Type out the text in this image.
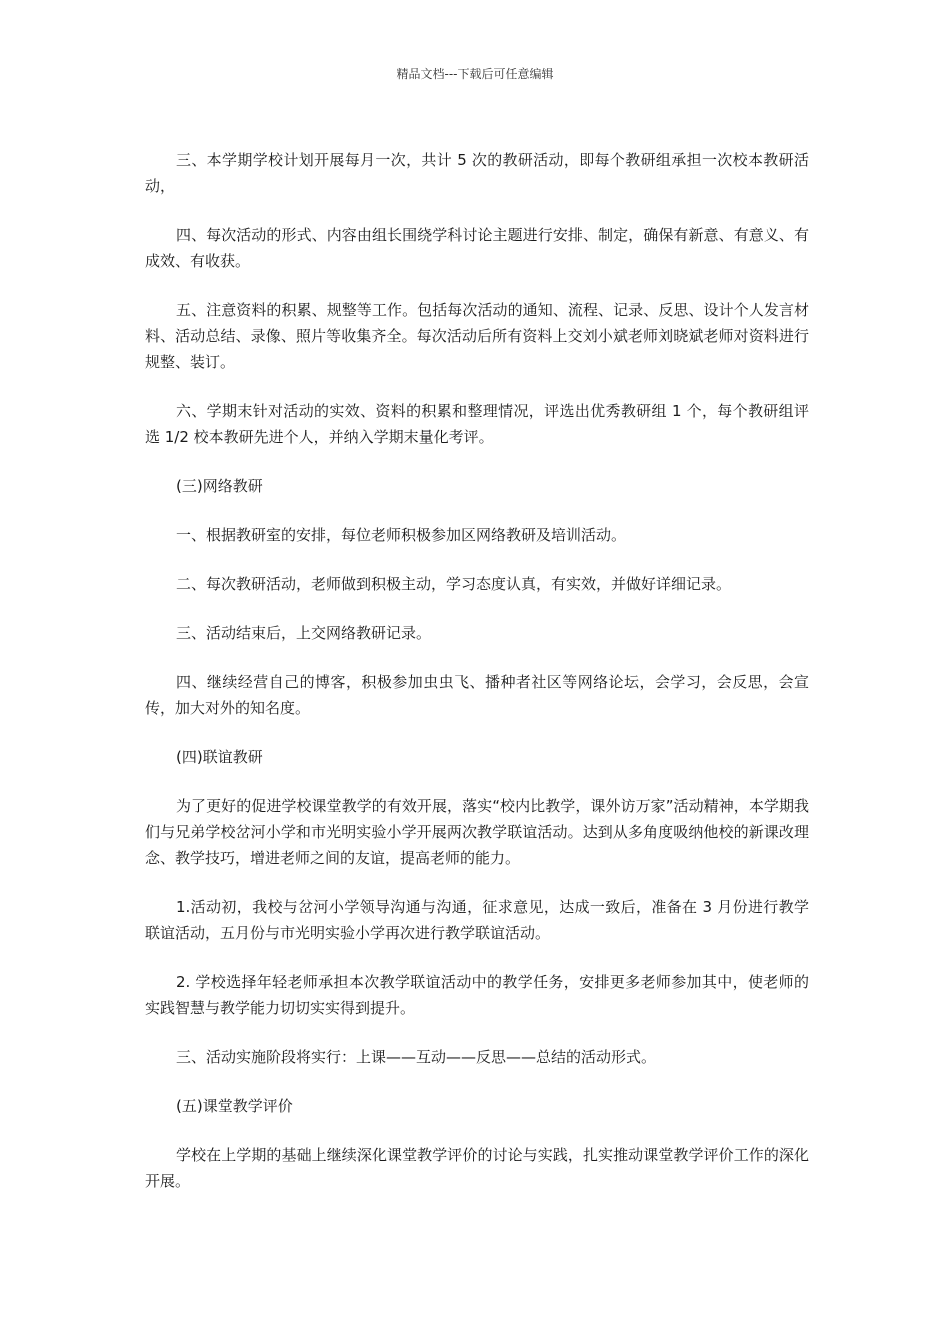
精品文档---下载后可任意编辑

三、本学期学校计划开展每月一次，共计 5 次的教研活动，即每个教研组承担一次校本教研活动，

四、每次活动的形式、内容由组长围绕学科讨论主题进行安排、制定，确保有新意、有意义、有成效、有收获。

五、注意资料的积累、规整等工作。包括每次活动的通知、流程、记录、反思、设计个人发言材料、活动总结、录像、照片等收集齐全。每次活动后所有资料上交刘小斌老师刘晓斌老师对资料进行规整、装订。

六、学期末针对活动的实效、资料的积累和整理情况，评选出优秀教研组 1 个，每个教研组评选 1/2 校本教研先进个人，并纳入学期末量化考评。

(三)网络教研

一、根据教研室的安排，每位老师积极参加区网络教研及培训活动。

二、每次教研活动，老师做到积极主动，学习态度认真，有实效，并做好详细记录。

三、活动结束后，上交网络教研记录。

四、继续经营自己的博客，积极参加虫虫飞、播种者社区等网络论坛，会学习，会反思，会宣传，加大对外的知名度。

(四)联谊教研

为了更好的促进学校课堂教学的有效开展，落实“校内比教学，课外访万家”活动精神，本学期我们与兄弟学校岔河小学和市光明实验小学开展两次教学联谊活动。达到从多角度吸纳他校的新课改理念、教学技巧，增进老师之间的友谊，提高老师的能力。

1.活动初，我校与岔河小学领导沟通与沟通，征求意见，达成一致后，准备在 3 月份进行教学联谊活动，五月份与市光明实验小学再次进行教学联谊活动。

2. 学校选择年轻老师承担本次教学联谊活动中的教学任务，安排更多老师参加其中，使老师的实践智慧与教学能力切切实实得到提升。

三、活动实施阶段将实行：上课——互动——反思——总结的活动形式。

(五)课堂教学评价

学校在上学期的基础上继续深化课堂教学评价的讨论与实践，扎实推动课堂教学评价工作的深化开展。
